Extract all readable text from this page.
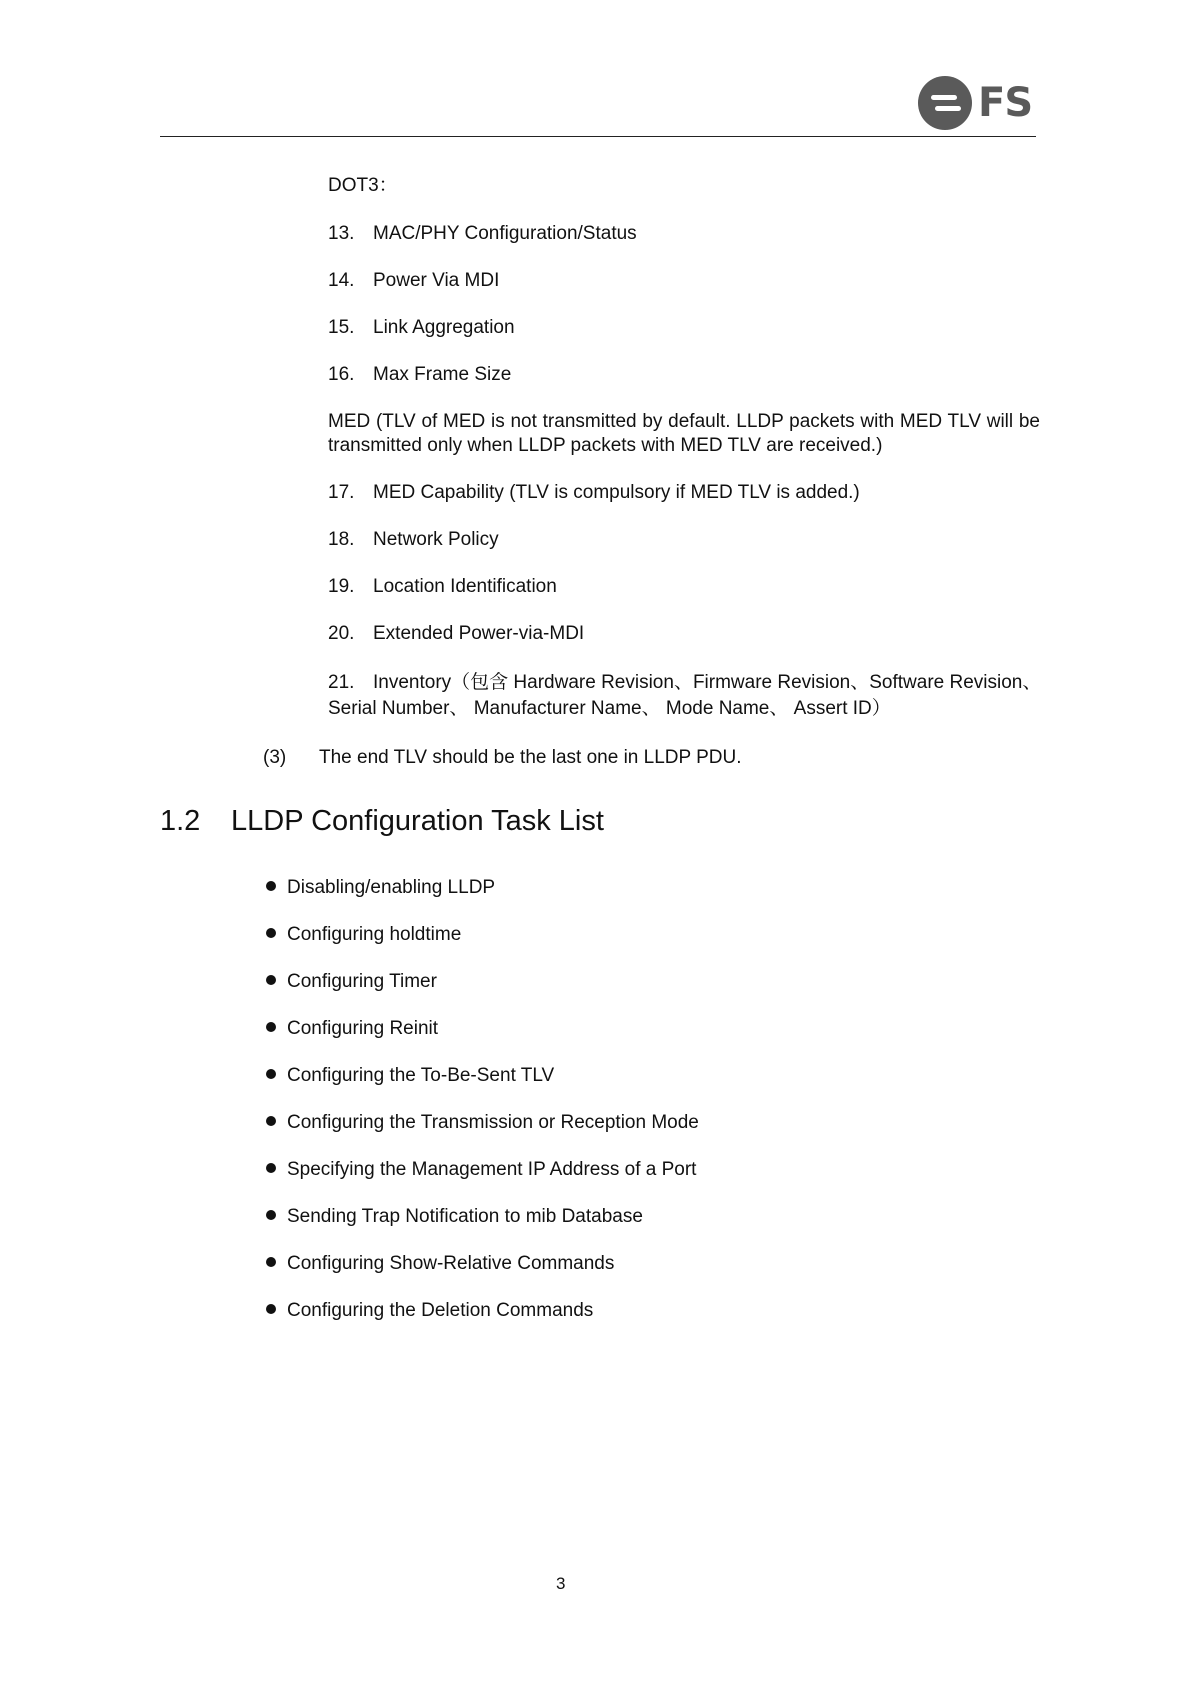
FS
DOT3：
13. MAC/PHY Configuration/Status
14. Power Via MDI
15. Link Aggregation
16. Max Frame Size
MED (TLV of MED is not transmitted by default. LLDP packets with MED TLV will be transmitted only when LLDP packets with MED TLV are received.)
17. MED Capability (TLV is compulsory if MED TLV is added.)
18. Network Policy
19. Location Identification
20. Extended Power-via-MDI
21. Inventory（包含 Hardware Revision、Firmware Revision、Software Revision、
Serial Number、 Manufacturer Name、 Mode Name、 Assert ID）
(3) The end TLV should be the last one in LLDP PDU.
1.2 LLDP Configuration Task List
Disabling/enabling LLDP
Configuring holdtime
Configuring Timer
Configuring Reinit
Configuring the To-Be-Sent TLV
Configuring the Transmission or Reception Mode
Specifying the Management IP Address of a Port
Sending Trap Notification to mib Database
Configuring Show-Relative Commands
Configuring the Deletion Commands
3
